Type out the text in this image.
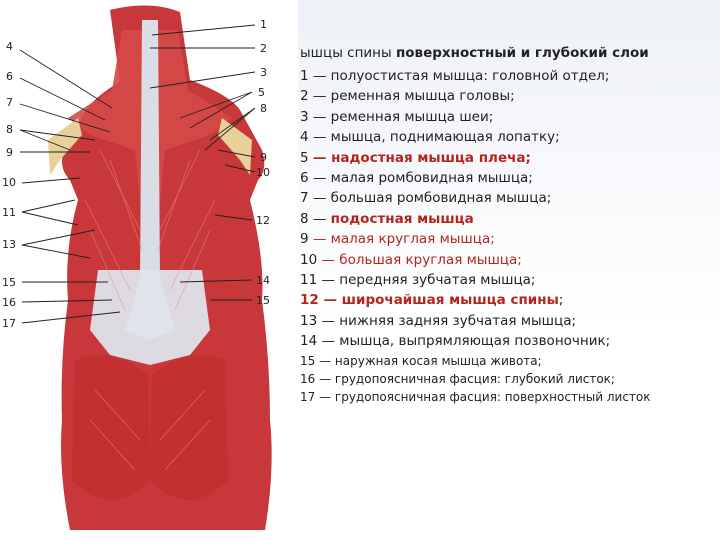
4
6
7
8
9
10
11
13
15
16
17
1
2
3
5
8
9
10
12
14
15
ышцы спины поверхностный и глубокий слои
1 — полуостистая мышца: головной отдел;
2 — ременная мышца головы;
3 — ременная мышца шеи;
4 — мышца, поднимающая лопатку;
5 — надостная мышца плеча;
6 — малая ромбовидная мышца;
7 — большая ромбовидная мышца;
8 — подостная мышца
9 — малая круглая мышца;
10 — большая круглая мышца;
11 — передняя зубчатая мышца;
12 — широчайшая мышца спины;
13 — нижняя задняя зубчатая мышца;
14 — мышца, выпрямляющая позвоночник;
15 — наружная косая мышца живота;
16 — грудопоясничная фасция: глубокий листок;
17 — грудопоясничная фасция: поверхностный листок
